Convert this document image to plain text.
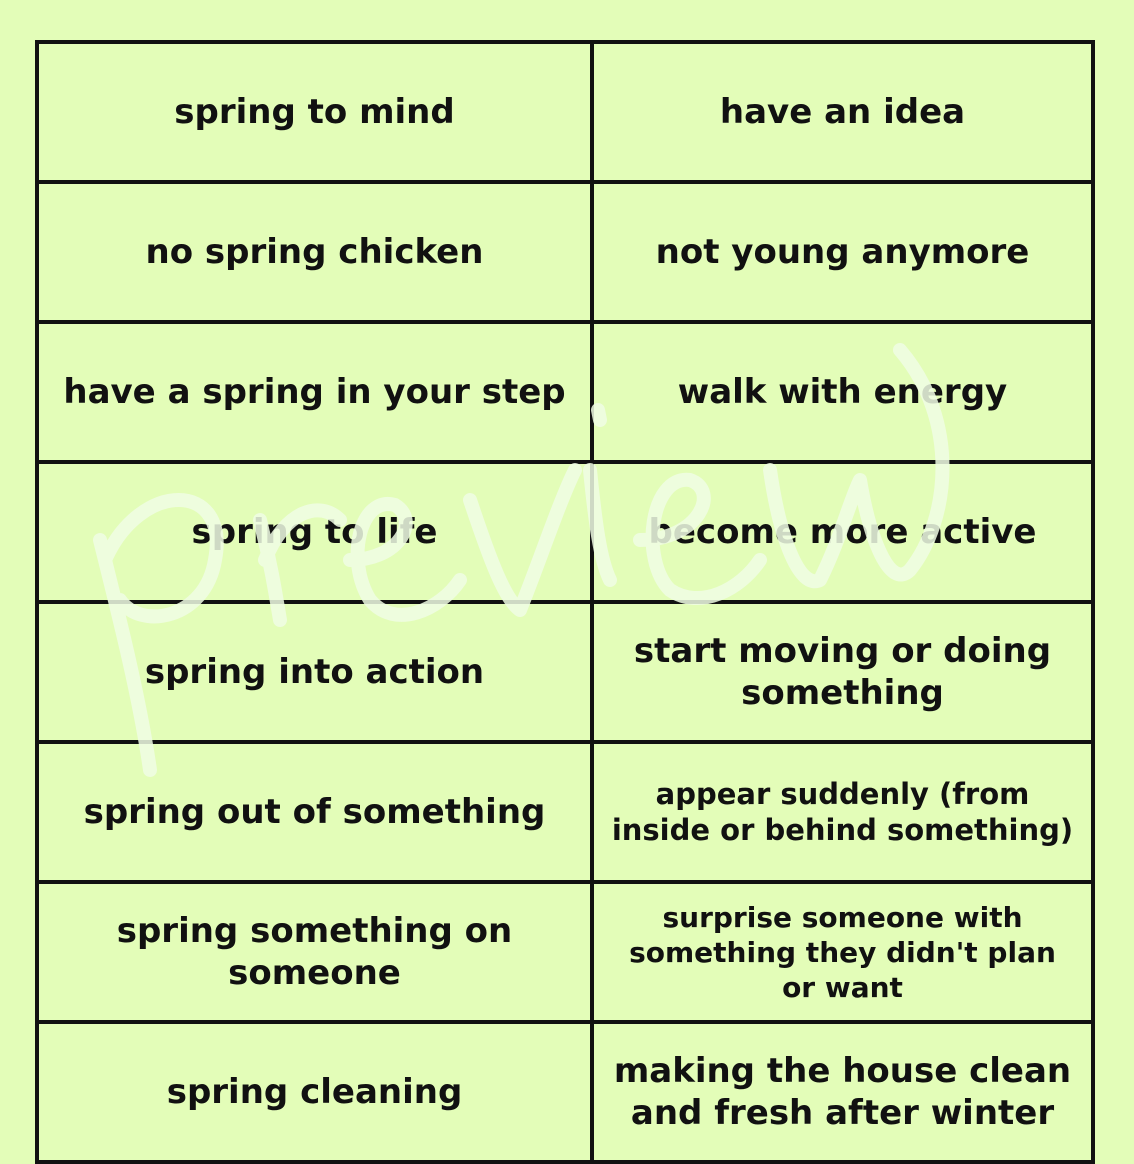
spring to mind	have an idea
no spring chicken	not young anymore
have a spring in your step	walk with energy
spring to life	become more active
spring into action	start moving or doing something
spring out of something	appear suddenly (from inside or behind something)
spring something on someone	surprise someone with something they didn't plan or want
spring cleaning	making the house clean and fresh after winter
